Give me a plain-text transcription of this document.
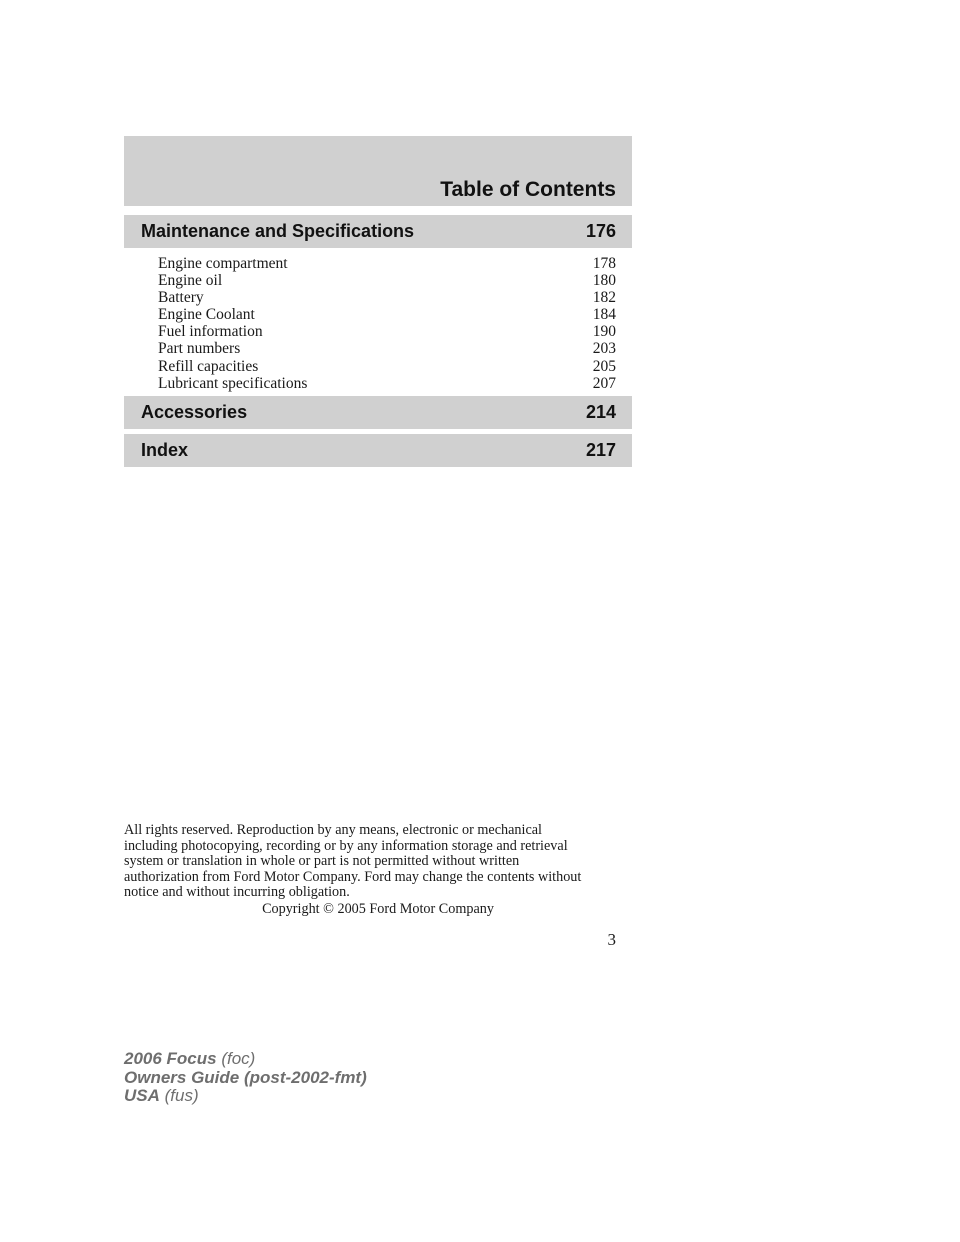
Table of Contents
Maintenance and Specifications	176
Engine compartment	178
Engine oil	180
Battery	182
Engine Coolant	184
Fuel information	190
Part numbers	203
Refill capacities	205
Lubricant specifications	207
Accessories	214
Index	217
All rights reserved. Reproduction by any means, electronic or mechanical
including photocopying, recording or by any information storage and retrieval
system or translation in whole or part is not permitted without written
authorization from Ford Motor Company. Ford may change the contents without
notice and without incurring obligation.
Copyright © 2005 Ford Motor Company
3
2006 Focus (foc)
Owners Guide (post-2002-fmt)
USA (fus)
